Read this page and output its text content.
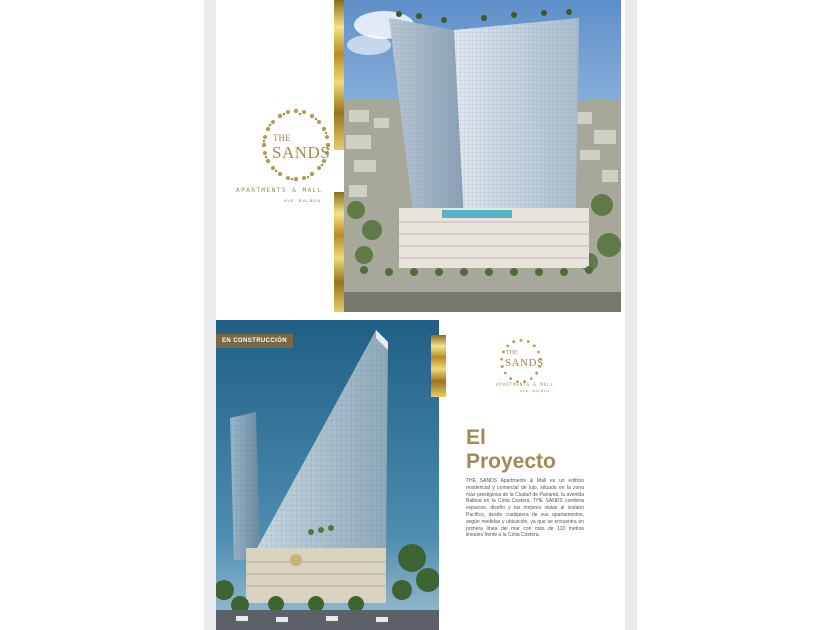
THE
SANDS
APARTMENTS & MALL
AVE. BALBOA
EN CONSTRUCCIÓN
THE
SANDS
APARTMENTS & MALL
AVE. BALBOA
El
Proyecto

THE SANDS Apartments & Mall es un edificio residencial y comercial de lujo, situado en la zona más prestigiosa de la Ciudad de Panamá, la avenida Balboa en la Cinta Costera. THE SANDS combina espacios, diseño y las mejores vistas al océano Pacífico, desde cualquiera de sus apartamentos, según medidas y ubicación, ya que se encuentra en primera línea del mar con más de 110 metros lineales frente a la Cinta Costera.
